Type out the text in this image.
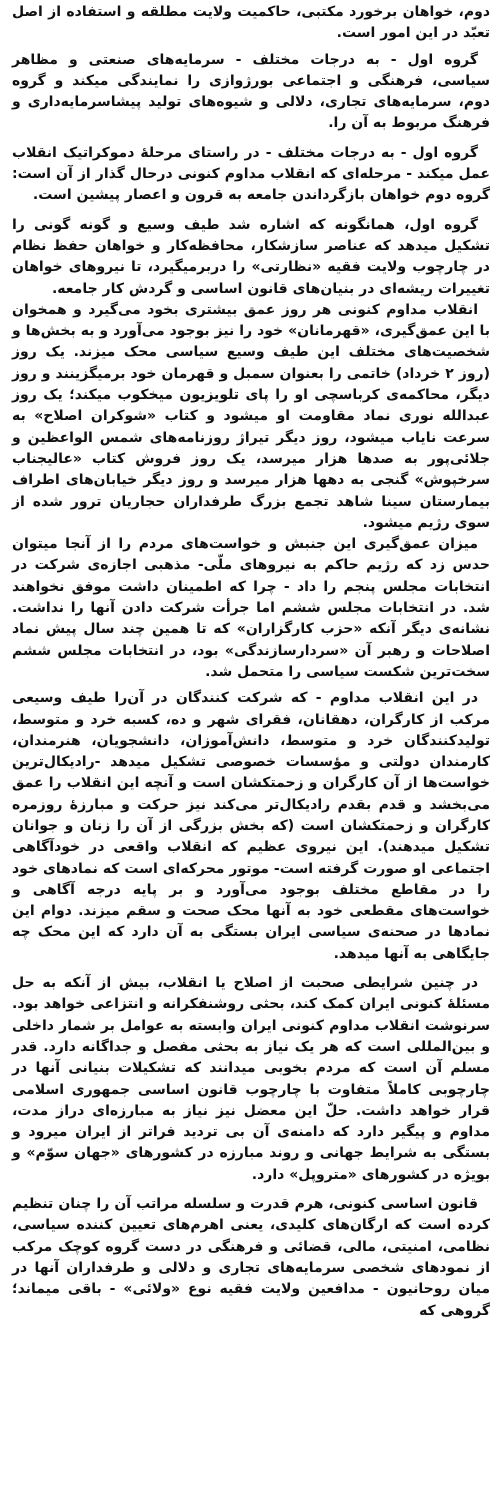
دوم، خواهان برخورد مکتبی، حاکمیت ولایت مطلقه و استفاده از اصل تعبّد در این امور است.

گروه اول - به درجات مختلف - سرمایه‌های صنعتی و مظاهر سیاسی، فرهنگی و اجتماعی بورژوازی را نمایندگی میکند و گروه دوم، سرمایه‌های تجاری، دلالی و شیوه‌های تولید پیشاسرمایه‌داری و فرهنگ مربوط به آن را.

گروه اول - به درجات مختلف - در راستای مرحلهٔ دموکراتیک انقلاب عمل میکند - مرحله‌ای که انقلاب مداوم کنونی درحال گذار از آن است: گروه دوم خواهان بازگرداندن جامعه به قرون و اعصار پیشین است.

گروه اول، همانگونه که اشاره شد طیف وسیع و گونه گونی را تشکیل میدهد که عناصر سازشکار، محافظه‌کار و خواهان حفظ نظام در چارچوب ولایت فقیه «نظارتی» را دربرمیگیرد، تا نیروهای خواهان تغییرات ریشه‌ای در بنیان‌های قانون اساسی و گردش کار جامعه.

انقلاب مداوم کنونی هر روز عمق بیشتری بخود می‌گیرد و همخوان با این عمق‌گیری، «قهرمانان» خود را نیز بوجود می‌آورد و به بخش‌ها و شخصیت‌های مختلف این طیف وسیع سیاسی محک میزند. یک روز (روز ۲ خرداد) خاتمی را بعنوان سمبل و قهرمان خود برمیگزینند و روز دیگر، محاکمه‌ی کرباسچی او را پای تلویزیون میخکوب میکند؛ یک روز عبدالله نوری نماد مقاومت او میشود و کتاب «شوکران اصلاح» به سرعت نایاب میشود، روز دیگر تیراژ روزنامه‌های شمس الواعظین و جلائی‌پور به صدها هزار میرسد، یک روز فروش کتاب «عالیجناب سرخپوش» گنجی به دهها هزار میرسد و روز دیگر خیابان‌های اطراف بیمارستان سینا شاهد تجمع بزرگ طرفداران حجاریان ترور شده از سوی رژیم میشود.

میزان عمق‌گیری این جنبش و خواست‌های مردم را از آنجا میتوان حدس زد که رژیم حاکم به نیروهای ملّی- مذهبی اجازه‌ی شرکت در انتخابات مجلس پنجم را داد - چرا که اطمینان داشت موفق نخواهند شد. در انتخابات مجلس ششم اما جرأت شرکت دادن آنها را نداشت. نشانه‌ی دیگر آنکه «حزب کارگزاران» که تا همین چند سال پیش نماد اصلاحات و رهبر آن «سردارسازندگی» بود، در انتخابات مجلس ششم سخت‌ترین شکست سیاسی را متحمل شد.

در این انقلاب مداوم - که شرکت کنندگان در آن‌را طیف وسیعی مرکب از کارگران، دهقانان، فقرای شهر و ده، کسبه خرد و متوسط، تولیدکنندگان خرد و متوسط، دانش‌آموزان، دانشجویان، هنرمندان، کارمندان دولتی و مؤسسات خصوصی تشکیل میدهد -رادیکال‌ترین خواست‌ها از آن کارگران و زحمتکشان است و آنچه این انقلاب را عمق می‌بخشد و قدم بقدم رادیکال‌تر می‌کند نیز حرکت و مبارزهٔ روزمره کارگران و زحمتکشان است (که بخش بزرگی از آن را زنان و جوانان تشکیل میدهند). این نیروی عظیم که انقلاب واقعی در خودآگاهی اجتماعی او صورت گرفته است- موتور محرکه‌ای است که نمادهای خود را در مقاطع مختلف بوجود می‌آورد و بر پایه درجه آگاهی و خواست‌های مقطعی خود به آنها محک صحت و سقم میزند. دوام این نمادها در صحنه‌ی سیاسی ایران بستگی به آن دارد که این محک چه جایگاهی به آنها میدهد.

در چنین شرایطی صحبت از اصلاح یا انقلاب، بیش از آنکه به حل مسئلهٔ کنونی ایران کمک کند، بحثی روشنفکرانه و انتزاعی خواهد بود. سرنوشت انقلاب مداوم کنونی ایران وابسته به عوامل بر شمار داخلی و بین‌المللی است که هر یک نیاز به بحثی مفصل و جداگانه دارد. قدر مسلم آن است که مردم بخوبی میدانند که تشکیلات بنیانی آنها در چارچوبی کاملاً متفاوت با چارچوب قانون اساسی جمهوری اسلامی قرار خواهد داشت. حلّ این معضل نیز نیاز به مبارزه‌ای دراز مدت، مداوم و پیگیر دارد که دامنه‌ی آن بی تردید فراتر از ایران میرود و بستگی به شرایط جهانی و روند مبارزه در کشورهای «جهان سوّم» و بویژه در کشورهای «متروپل» دارد.

قانون اساسی کنونی، هرم قدرت و سلسله مراتب آن را چنان تنظیم کرده است که ارگان‌های کلیدی، یعنی اهرم‌های تعیین کننده سیاسی، نظامی، امنیتی، مالی، قضائی و فرهنگی در دست گروه کوچک مرکب از نمودهای شخصی سرمایه‌های تجاری و دلالی و طرفداران آنها در میان روحانیون - مدافعین ولایت فقیه نوع «ولائی» - باقی میماند؛ گروهی که
